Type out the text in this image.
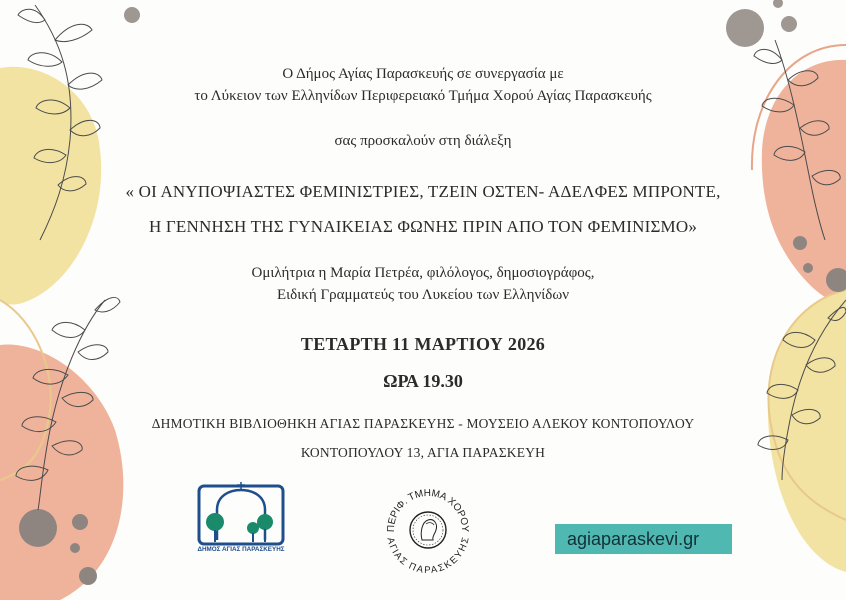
Ο Δήμος Αγίας Παρασκευής σε συνεργασία με

το Λύκειον των Ελληνίδων Περιφερειακό Τμήμα Χορού Αγίας Παρασκευής

σας προσκαλούν στη διάλεξη

« ΟΙ ΑΝΥΠΟΨΙΑΣΤΕΣ ΦΕΜΙΝΙΣΤΡΙΕΣ, ΤΖΕΙΝ ΟΣΤΕΝ- ΑΔΕΛΦΕΣ ΜΠΡΟΝΤΕ,

Η ΓΕΝΝΗΣΗ ΤΗΣ ΓΥΝΑΙΚΕΙΑΣ ΦΩΝΗΣ ΠΡΙΝ ΑΠΟ ΤΟΝ ΦΕΜΙΝΙΣΜΟ»

Ομιλήτρια η Μαρία Πετρέα, φιλόλογος, δημοσιογράφος,

Ειδική Γραμματεύς του Λυκείου των Ελληνίδων

ΤΕΤΑΡΤΗ 11 ΜΑΡΤΙΟΥ 2026

ΩΡΑ 19.30

ΔΗΜΟΤΙΚΗ ΒΙΒΛΙΟΘΗΚΗ ΑΓΙΑΣ ΠΑΡΑΣΚΕΥΗΣ - ΜΟΥΣΕΙΟ ΑΛΕΚΟΥ ΚΟΝΤΟΠΟΥΛΟΥ

ΚΟΝΤΟΠΟΥΛΟΥ 13, ΑΓΙΑ ΠΑΡΑΣΚΕΥΗ

ΔΗΜΟΣ ΑΓΙΑΣ ΠΑΡΑΣΚΕΥΗΣ
ΠΕΡΙΦ. ΤΜΗΜΑ ΧΟΡΟΥ
ΑΓΙΑΣ ΠΑΡΑΣΚΕΥΗΣ	agiaparaskevi.gr
